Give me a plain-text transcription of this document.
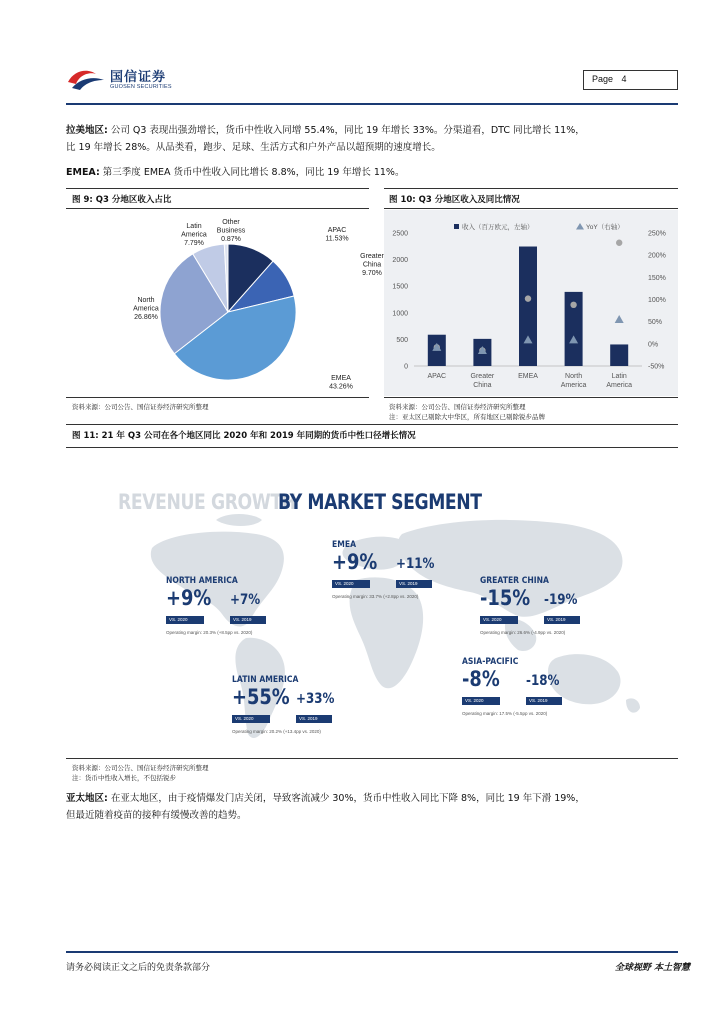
国信证券
GUOSEN SECURITIES
Page 4
拉美地区: 公司 Q3 表现出强劲增长，货币中性收入同增 55.4%，同比 19 年增长 33%。分渠道看，DTC 同比增长 11%，
比 19 年增长 28%。从品类看，跑步、足球、生活方式和户外产品以超预期的速度增长。
EMEA: 第三季度 EMEA 货币中性收入同比增长 8.8%，同比 19 年增长 11%。
图 9: Q3 分地区收入占比
APAC
11.53%
Greater
China
9.70%
EMEA
43.26%
North
America
26.86%
Latin
America
7.79%
Other
Business
0.87%
资料来源：公司公告、国信证券经济研究所整理
图 10: Q3 分地区收入及同比情况
0
500
1000
1500
2000
2500
-50%
0%
50%
100%
150%
200%
250%
APAC	Greater
China
EMEA	North
America
Latin
America
收入（百万欧元，左轴）	YoY（右轴）
资料来源：公司公告、国信证券经济研究所整理
注：亚太区已剔除大中华区，所有地区已剔除锐步品牌
图 11: 21 年 Q3 公司在各个地区同比 2020 年和 2019 年同期的货币中性口径增长情况
REVENUE GROWTH
BY MARKET SEGMENT
EMEA
+9% +11%
VS. 2020	VS. 2019
Operating margin: 33.7% (+2.8pp vs. 2020)
NORTH AMERICA
+9% +7%
VS. 2020	VS. 2019
Operating margin: 20.3% (+8.5pp vs. 2020)
GREATER CHINA
-15% -19%
VS. 2020	VS. 2019
Operating margin: 26.6% (-4.9pp vs. 2020)
ASIA-PACIFIC
-8% -18%
VS. 2020	VS. 2019
Operating margin: 17.5% (-5.5pp vs. 2020)
LATIN AMERICA
+55% +33%
VS. 2020	VS. 2019
Operating margin: 20.2% (+13.4pp vs. 2020)
资料来源：公司公告、国信证券经济研究所整理
注：货币中性收入增长，不包括锐步
亚太地区: 在亚太地区，由于疫情爆发门店关闭，导致客流减少 30%，货币中性收入同比下降 8%，同比 19 年下滑 19%，
但最近随着疫苗的接种有缓慢改善的趋势。
请务必阅读正文之后的免责条款部分	全球视野 本土智慧
